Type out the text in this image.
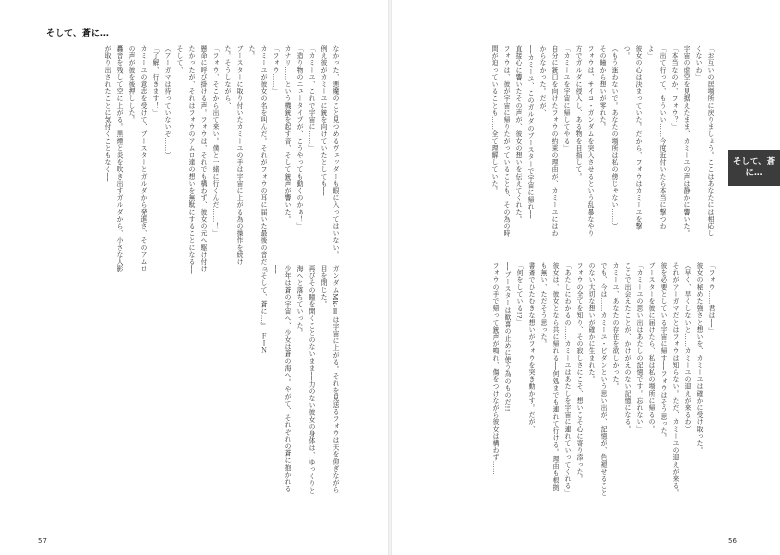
そして、蒼に…
そして、蒼に…
「お互いの居場所に戻りましょう。ここはあなたには相応しくないわ」
宇宙の虚空を見据えたまま、カミーユの声は静かに響いた。
「本当なのか、フォウ？」
「出て行って、もういい……今度近付いたら本当に撃つわよ」
彼女の心は決まっていた。だから、フォウはカミーユを撃つ。
（もう迷わないで。あなたの場所は私の傍じゃない……）
その瞳から想いが零れた。
フォウは、サイコ・ガンダムを突入させるという乱暴なやり方でガルダに侵入し、ある物を目指して。
「カミーユを宇宙に帰してやる」
自分に銃口を向けたフォウの約束の理由が、カミーユにはわからなかった。だが、
──カミーユ、このガルダのブースターで宇宙に帰れ──
直接心に響いたその声が、彼女の想いを伝えてくれた。
フォウは、彼が宇宙に帰りたがっていることも、その為の時間が迫っていることも……全て理解していた。
「フォウ……君は──」
彼女の秘めた強さと想いを、カミーユは確かに受け取った。
（早く、早くしないと……カミーユの迎えが来るわ）
それがアーガマだとはフォウは知らない。ただ、カミーユの迎えが来る。彼を必要としている宇宙に帰す──フォウはそう思った。
ブースターを彼に届けたら、私は私の場所に帰るの。
「カミーユの思い出はあたしの記憶です。忘れない」
ここで出会えたことが、かけがえのない記憶になる。
カミーユ、あなたの存在を欲しかった。
でも、今は……カミーユ・ビダンという思い出が、記憶が、色褪せることのない大切な想いが確かに生まれた。
フォウの全てを知り、その寂しさにこそ、想いこそ心に寄り添った。
「あたしにわかるの……カミーユはあたしを宇宙に連れていってくれる」
彼女は、彼女となら共に帰れる──何処までも連れて行ける。理由も根拠も無い、ただそう思った。
書斎でひたむきな想いがフォウを突き動かす。だが、
「何をしている!?」
──ブースターは歓喜の止めに使う為のものだ!!
フォウの手で帰って銃声が鳴れ、傷をつけながら彼女は構わず……
なかった、悪魔のこと見つめるヴェッダーも眼に入ってはいない。
例え彼がカミーユに銃を向けていたとしても──
「カミーユ、これで宇宙に……」
「造り物のニュータイプが、こうやっても動くのかぁ！」
カナリ……という機銃を起す音、そして銃声が響いた。
「フォウ……」
カミーユが彼女の名を叫んだ。それがフォウの耳に届いた最後の音だった。
ブースターに取り付いたカミーユの手は宇宙に上がる為の操作を続けた。そうしながら、
「フォウ、そこから出て来い。僕と一緒に行くんだ……！」
懸命に呼び掛ける声。フォウは、それでも構わず、彼女の元へ駆け付けたかったが、それはフォウのアムロ達の想いを無駄にすることになる──そして、
（アーガマは待っていないぞ……）
「了解、行きます！」
カミーユの意志を受けて、ブースターとガルダから発進さ、そのアムロの声が彼を後押しした。
轟音を残して空に上がる。黒煙と炎を吹き出すガルダから、小さな人影が取り出されたことに気付くこともなく──
ガンダムMk-Ⅱは宇宙に上がる。それを見送るフォウは天を仰ぎながら目を閉じた。
再びその瞳を開くことのないまま──力のない彼女の身体は、ゆっくりと海へと落ちていった。
少年は蒼の宇宙へ、少女は蒼の海へ。やがて、それぞれの蒼に抱かれる──
『そして、蒼に…』　ＦＩＮ
57	56
